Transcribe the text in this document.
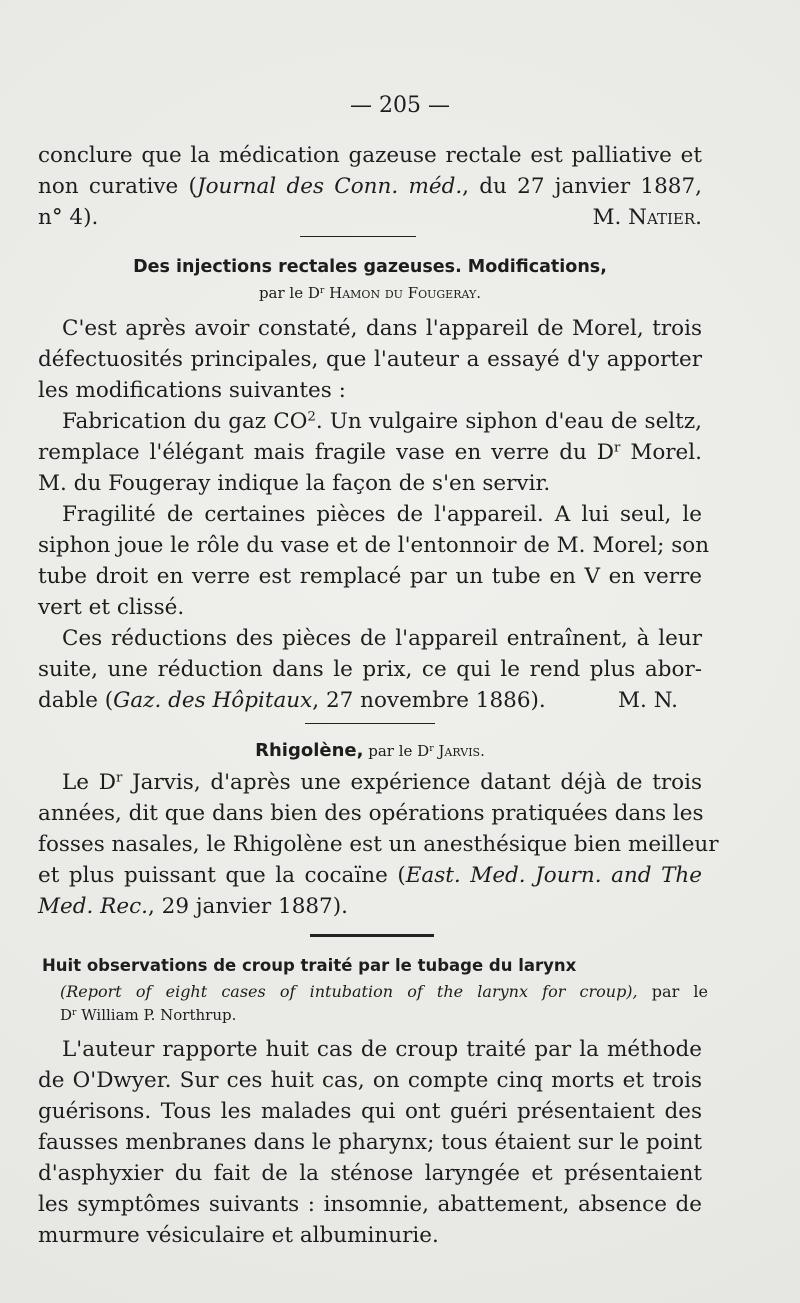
— 205 —
conclure que la médication gazeuse rectale est palliative et
non curative (Journal des Conn. méd., du 27 janvier 1887,
n° 4).	M. Natier.
Des injections rectales gazeuses. Modifications,
par le $D^r$ Hamon du Fougeray.
C'est après avoir constaté, dans l'appareil de Morel, trois
défectuosités principales, que l'auteur a essayé d'y apporter
les modifications suivantes :
Fabrication du gaz $CO^2$. Un vulgaire siphon d'eau de seltz,
remplace l'élégant mais fragile vase en verre du $D^r$ Morel.
M. du Fougeray indique la façon de s'en servir.
Fragilité de certaines pièces de l'appareil. A lui seul, le
siphon joue le rôle du vase et de l'entonnoir de M. Morel; son
tube droit en verre est remplacé par un tube en V en verre
vert et clissé.
Ces réductions des pièces de l'appareil entraînent, à leur
suite, une réduction dans le prix, ce qui le rend plus abor-
dable (Gaz. des Hôpitaux, 27 novembre 1886).	M. N.
Rhigolène, par le $D^r$ Jarvis.
Le $D^r$ Jarvis, d'après une expérience datant déjà de trois
années, dit que dans bien des opérations pratiquées dans les
fosses nasales, le Rhigolène est un anesthésique bien meilleur
et plus puissant que la cocaïne (East. Med. Journ. and The
Med. Rec., 29 janvier 1887).
Huit observations de croup traité par le tubage du larynx
(Report of eight cases of intubation of the larynx for croup), par le
$D^r$ William P. Northrup.
L'auteur rapporte huit cas de croup traité par la méthode
de O'Dwyer. Sur ces huit cas, on compte cinq morts et trois
guérisons. Tous les malades qui ont guéri présentaient des
fausses menbranes dans le pharynx; tous étaient sur le point
d'asphyxier du fait de la sténose laryngée et présentaient
les symptômes suivants : insomnie, abattement, absence de
murmure vésiculaire et albuminurie.
